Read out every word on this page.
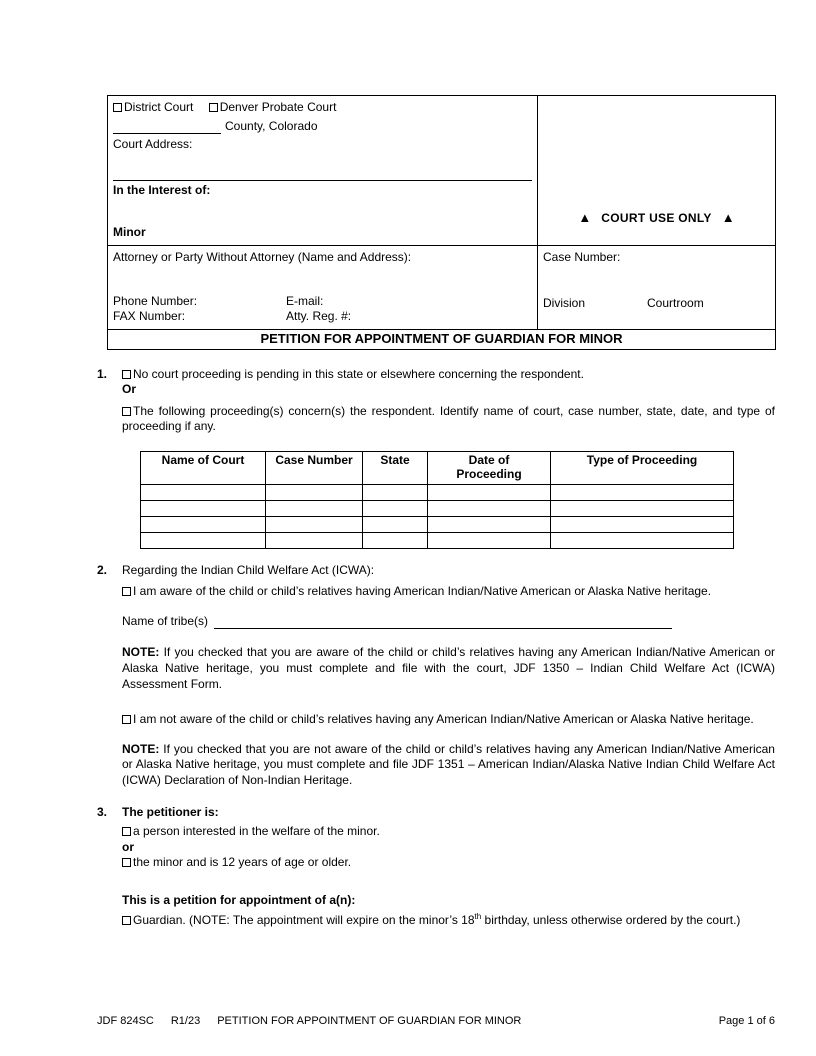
District Court Denver Probate Court
County, Colorado
Court Address:
In the Interest of:
Minor	▲ COURT USE ONLY ▲

Attorney or Party Without Attorney (Name and Address):
Phone Number:	E-mail:
FAX Number:	Atty. Reg. #:

Case Number:
Division	Courtroom

PETITION FOR APPOINTMENT OF GUARDIAN FOR MINOR	
1.	No court proceeding is pending in this state or elsewhere concerning the respondent.

Or

The following proceeding(s) concern(s) the respondent. Identify name of court, case number, state, date, and type of proceeding if any.

Name of Court	Case Number	State	Date of Proceeding	Type of Proceeding

2.	Regarding the Indian Child Welfare Act (ICWA):

I am aware of the child or child’s relatives having American Indian/Native American or Alaska Native heritage.

Name of tribe(s)

NOTE: If you checked that you are aware of the child or child’s relatives having any American Indian/Native American or Alaska Native heritage, you must complete and file with the court, JDF 1350 – Indian Child Welfare Act (ICWA) Assessment Form.

I am not aware of the child or child’s relatives having any American Indian/Native American or Alaska Native heritage.

NOTE: If you checked that you are not aware of the child or child’s relatives having any American Indian/Native American or Alaska Native heritage, you must complete and file JDF 1351 – American Indian/Alaska Native Indian Child Welfare Act (ICWA) Declaration of Non-Indian Heritage.

3.	The petitioner is:

a person interested in the welfare of the minor.

or

the minor and is 12 years of age or older.

This is a petition for appointment of a(n):

Guardian. (NOTE: The appointment will expire on the minor’s 18th birthday, unless otherwise ordered by the court.)

JDF 824SC R1/23 PETITION FOR APPOINTMENT OF GUARDIAN FOR MINOR	Page 1 of 6
